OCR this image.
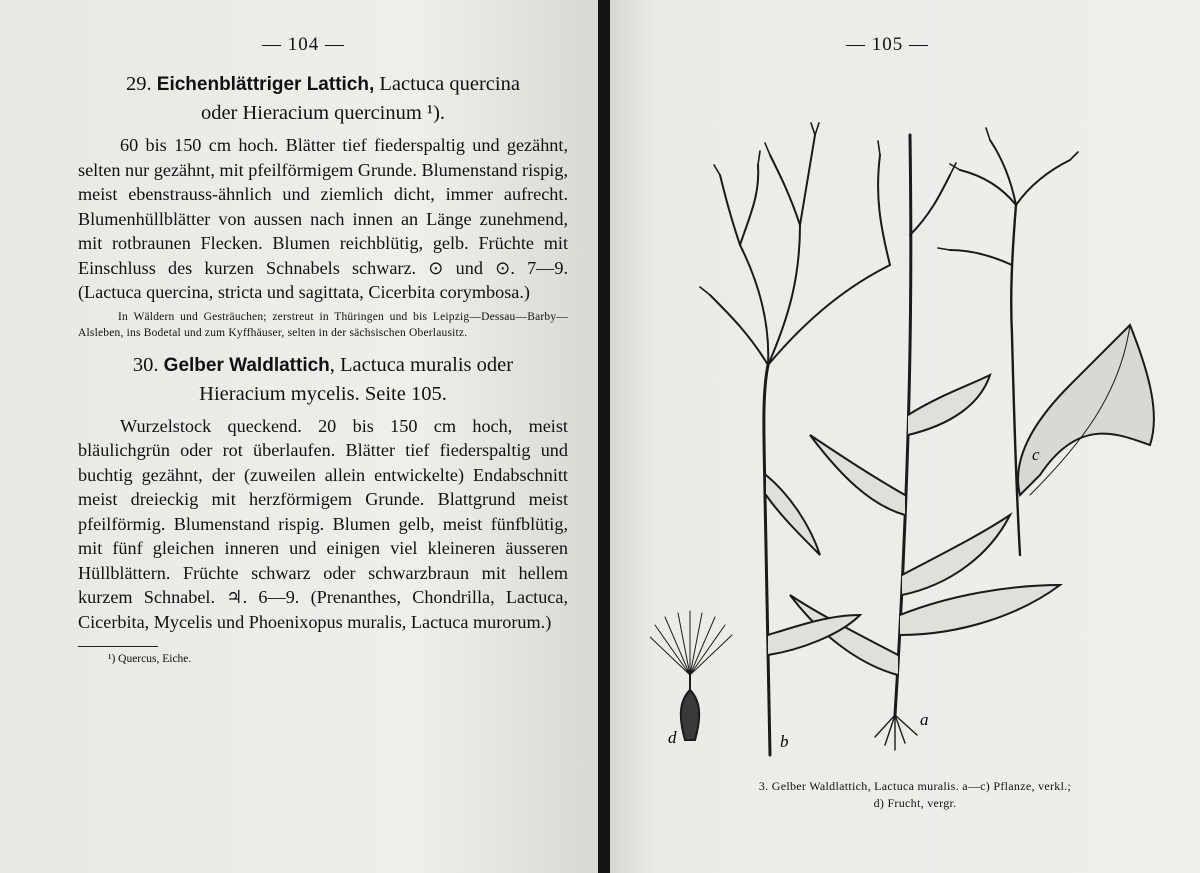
— 104 —

29. Eichenblättriger Lattich, Lactuca quercina
oder Hieracium quercinum ¹).

60 bis 150 cm hoch. Blätter tief fiederspaltig und gezähnt, selten nur gezähnt, mit pfeilförmigem Grunde. Blumenstand rispig, meist ebenstrauss-ähnlich und ziemlich dicht, immer aufrecht. Blumenhüllblätter von aussen nach innen an Länge zunehmend, mit rotbraunen Flecken. Blumen reichblütig, gelb. Früchte mit Einschluss des kurzen Schnabels schwarz. ⊙ und ⊙. 7—9. (Lactuca quercina, stricta und sagittata, Cicerbita corymbosa.)

In Wäldern und Gesträuchen; zerstreut in Thüringen und bis Leipzig—Dessau—Barby—Alsleben, ins Bodetal und zum Kyffhäuser, selten in der sächsischen Oberlausitz.

30. Gelber Waldlattich, Lactuca muralis oder
Hieracium mycelis. Seite 105.

Wurzelstock queckend. 20 bis 150 cm hoch, meist bläulichgrün oder rot überlaufen. Blätter tief fiederspaltig und buchtig gezähnt, der (zuweilen allein entwickelte) Endabschnitt meist dreieckig mit herzförmigem Grunde. Blattgrund meist pfeilförmig. Blumenstand rispig. Blumen gelb, meist fünfblütig, mit fünf gleichen inneren und einigen viel kleineren äusseren Hüllblättern. Früchte schwarz oder schwarzbraun mit hellem kurzem Schnabel. ♃. 6—9. (Prenanthes, Chondrilla, Lactuca, Cicerbita, Mycelis und Phoenixopus muralis, Lactuca murorum.)

¹) Quercus, Eiche.

— 105 —
a
b
c
d
3. Gelber Waldlattich, Lactuca muralis. a—c) Pflanze, verkl.;
d) Frucht, vergr.
